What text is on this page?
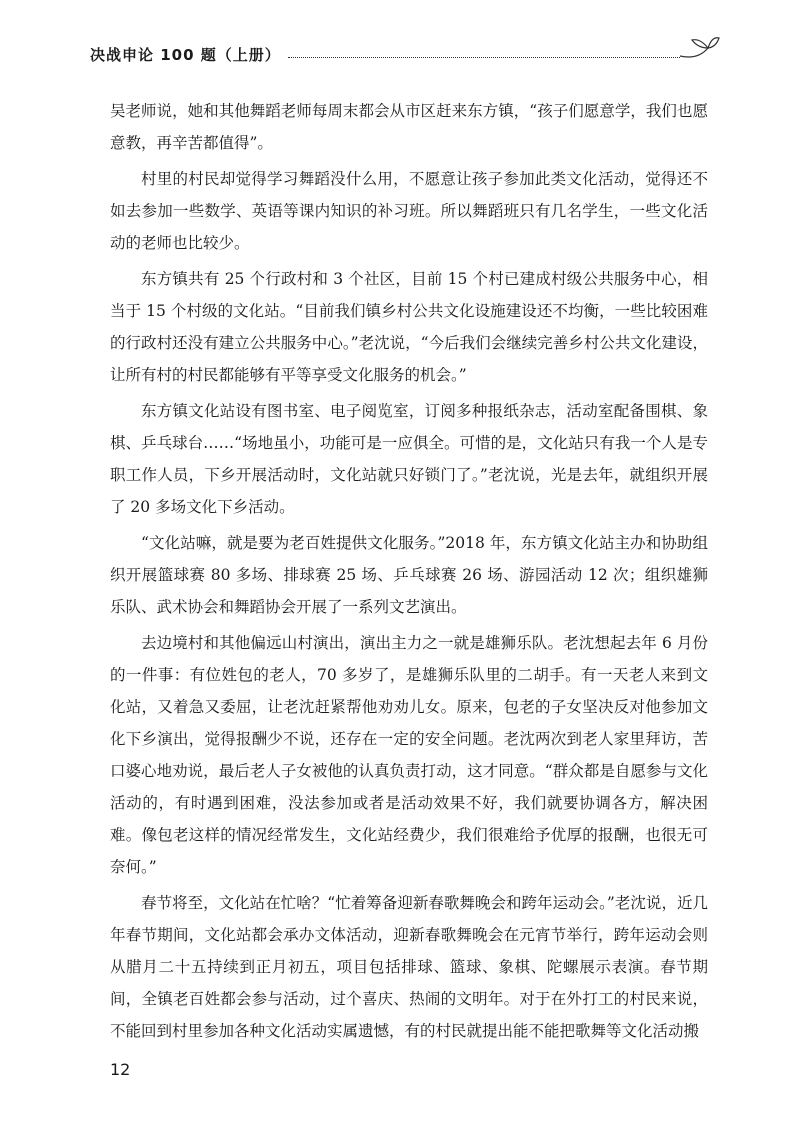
决战申论 100 题（上册）

吴老师说，她和其他舞蹈老师每周末都会从市区赶来东方镇，“孩子们愿意学，我们也愿意教，再辛苦都值得”。

村里的村民却觉得学习舞蹈没什么用，不愿意让孩子参加此类文化活动，觉得还不如去参加一些数学、英语等课内知识的补习班。所以舞蹈班只有几名学生，一些文化活动的老师也比较少。

东方镇共有 25 个行政村和 3 个社区，目前 15 个村已建成村级公共服务中心，相当于 15 个村级的文化站。“目前我们镇乡村公共文化设施建设还不均衡，一些比较困难的行政村还没有建立公共服务中心。”老沈说，“今后我们会继续完善乡村公共文化建设，让所有村的村民都能够有平等享受文化服务的机会。”

东方镇文化站设有图书室、电子阅览室，订阅多种报纸杂志，活动室配备围棋、象棋、乒乓球台……“场地虽小，功能可是一应俱全。可惜的是，文化站只有我一个人是专职工作人员，下乡开展活动时，文化站就只好锁门了。”老沈说，光是去年，就组织开展了 20 多场文化下乡活动。

“文化站嘛，就是要为老百姓提供文化服务。”2018 年，东方镇文化站主办和协助组织开展篮球赛 80 多场、排球赛 25 场、乒乓球赛 26 场、游园活动 12 次；组织雄狮乐队、武术协会和舞蹈协会开展了一系列文艺演出。

去边境村和其他偏远山村演出，演出主力之一就是雄狮乐队。老沈想起去年 6 月份的一件事：有位姓包的老人，70 多岁了，是雄狮乐队里的二胡手。有一天老人来到文化站，又着急又委屈，让老沈赶紧帮他劝劝儿女。原来，包老的子女坚决反对他参加文化下乡演出，觉得报酬少不说，还存在一定的安全问题。老沈两次到老人家里拜访，苦口婆心地劝说，最后老人子女被他的认真负责打动，这才同意。“群众都是自愿参与文化活动的，有时遇到困难，没法参加或者是活动效果不好，我们就要协调各方，解决困难。像包老这样的情况经常发生，文化站经费少，我们很难给予优厚的报酬，也很无可奈何。”

春节将至，文化站在忙啥？“忙着筹备迎新春歌舞晚会和跨年运动会。”老沈说，近几年春节期间，文化站都会承办文体活动，迎新春歌舞晚会在元宵节举行，跨年运动会则从腊月二十五持续到正月初五，项目包括排球、篮球、象棋、陀螺展示表演。春节期间，全镇老百姓都会参与活动，过个喜庆、热闹的文明年。对于在外打工的村民来说，不能回到村里参加各种文化活动实属遗憾，有的村民就提出能不能把歌舞等文化活动搬

12
